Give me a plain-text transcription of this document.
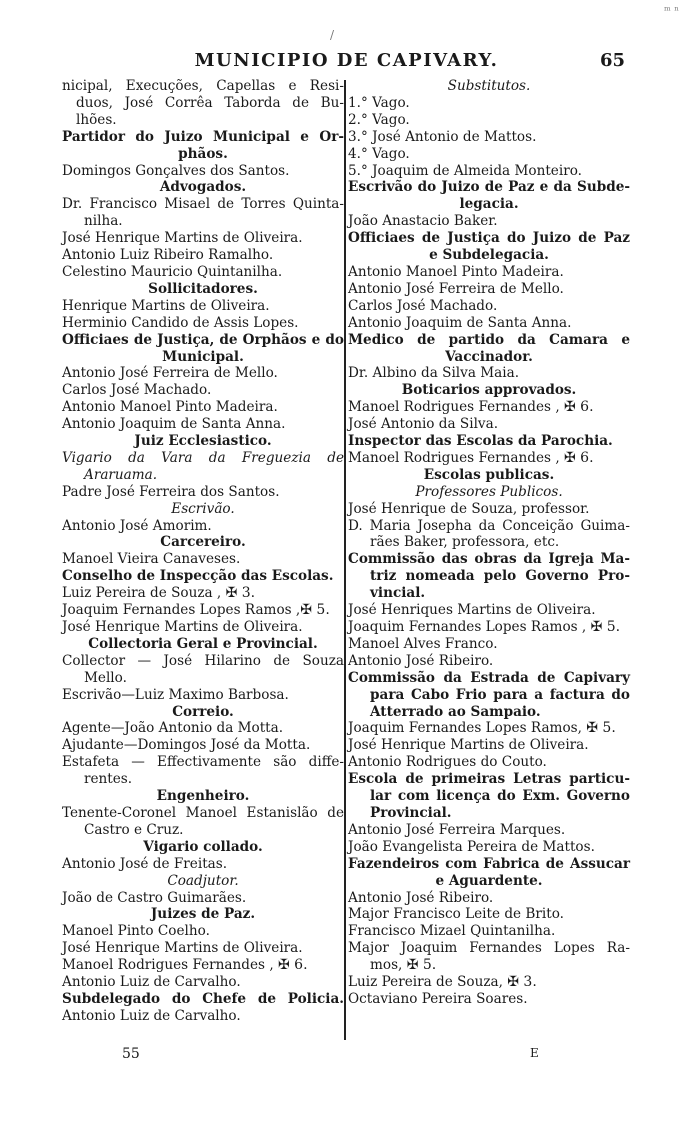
MUNICIPIO DE CAPIVARY.	65
/
ᵐ ⁿ
nicipal, Execuções, Capellas e Resi-
duos, José Corrêa Taborda de Bu-
lhões.
Partidor do Juizo Municipal e Or-
phãos.
Domingos Gonçalves dos Santos.
Advogados.
Dr. Francisco Misael de Torres Quinta-
nilha.
José Henrique Martins de Oliveira.
Antonio Luiz Ribeiro Ramalho.
Celestino Mauricio Quintanilha.
Sollicitadores.
Henrique Martins de Oliveira.
Herminio Candido de Assis Lopes.
Officiaes de Justiça, de Orphãos e do
Municipal.
Antonio José Ferreira de Mello.
Carlos José Machado.
Antonio Manoel Pinto Madeira.
Antonio Joaquim de Santa Anna.
Juiz Ecclesiastico.
Vigario da Vara da Freguezia de
Araruama.
Padre José Ferreira dos Santos.
Escrivão.
Antonio José Amorim.
Carcereiro.
Manoel Vieira Canaveses.
Conselho de Inspecção das Escolas.
Luiz Pereira de Souza , ✠ 3.
Joaquim Fernandes Lopes Ramos ,✠ 5.
José Henrique Martins de Oliveira.
Collectoria Geral e Provincial.
Collector — José Hilarino de Souza
Mello.
Escrivão—Luiz Maximo Barbosa.
Correio.
Agente—João Antonio da Motta.
Ajudante—Domingos José da Motta.
Estafeta — Effectivamente são diffe-
rentes.
Engenheiro.
Tenente-Coronel Manoel Estanislão de
Castro e Cruz.
Vigario collado.
Antonio José de Freitas.
Coadjutor.
João de Castro Guimarães.
Juizes de Paz.
Manoel Pinto Coelho.
José Henrique Martins de Oliveira.
Manoel Rodrigues Fernandes , ✠ 6.
Antonio Luiz de Carvalho.
Subdelegado do Chefe de Policia.
Antonio Luiz de Carvalho.
Substitutos.
1.° Vago.
2.° Vago.
3.° José Antonio de Mattos.
4.° Vago.
5.° Joaquim de Almeida Monteiro.
Escrivão do Juizo de Paz e da Subde-
legacia.
João Anastacio Baker.
Officiaes de Justiça do Juizo de Paz
e Subdelegacia.
Antonio Manoel Pinto Madeira.
Antonio José Ferreira de Mello.
Carlos José Machado.
Antonio Joaquim de Santa Anna.
Medico de partido da Camara e
Vaccinador.
Dr. Albino da Silva Maia.
Boticarios approvados.
Manoel Rodrigues Fernandes , ✠ 6.
José Antonio da Silva.
Inspector das Escolas da Parochia.
Manoel Rodrigues Fernandes , ✠ 6.
Escolas publicas.
Professores Publicos.
José Henrique de Souza, professor.
D. Maria Josepha da Conceição Guima-
rães Baker, professora, etc.
Commissão das obras da Igreja Ma-
triz nomeada pelo Governo Pro-
vincial.
José Henriques Martins de Oliveira.
Joaquim Fernandes Lopes Ramos , ✠ 5.
Manoel Alves Franco.
Antonio José Ribeiro.
Commissão da Estrada de Capivary
para Cabo Frio para a factura do
Atterrado ao Sampaio.
Joaquim Fernandes Lopes Ramos, ✠ 5.
José Henrique Martins de Oliveira.
Antonio Rodrigues do Couto.
Escola de primeiras Letras particu-
lar com licença do Exm. Governo
Provincial.
Antonio José Ferreira Marques.
João Evangelista Pereira de Mattos.
Fazendeiros com Fabrica de Assucar
e Aguardente.
Antonio José Ribeiro.
Major Francisco Leite de Brito.
Francisco Mizael Quintanilha.
Major Joaquim Fernandes Lopes Ra-
mos, ✠ 5.
Luiz Pereira de Souza, ✠ 3.
Octaviano Pereira Soares.
55	E
